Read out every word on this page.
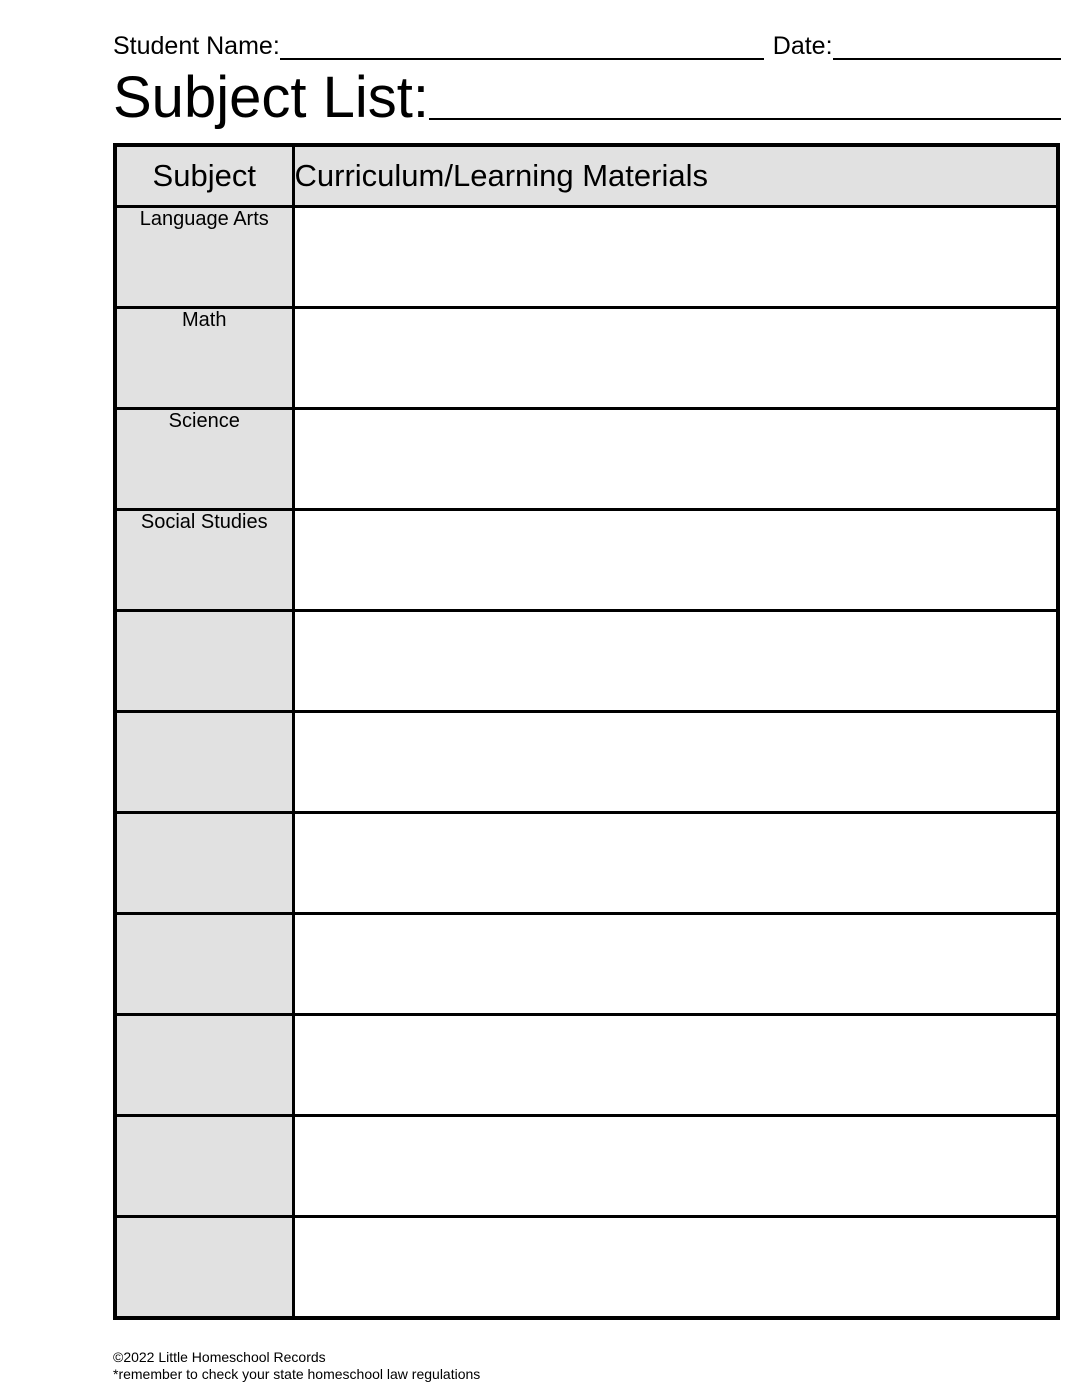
Student Name:	Date:
Subject List:
Subject	Curriculum/Learning Materials
Language Arts	
Math	
Science	
Social Studies	

©2022 Little Homeschool Records
*remember to check your state homeschool law regulations
